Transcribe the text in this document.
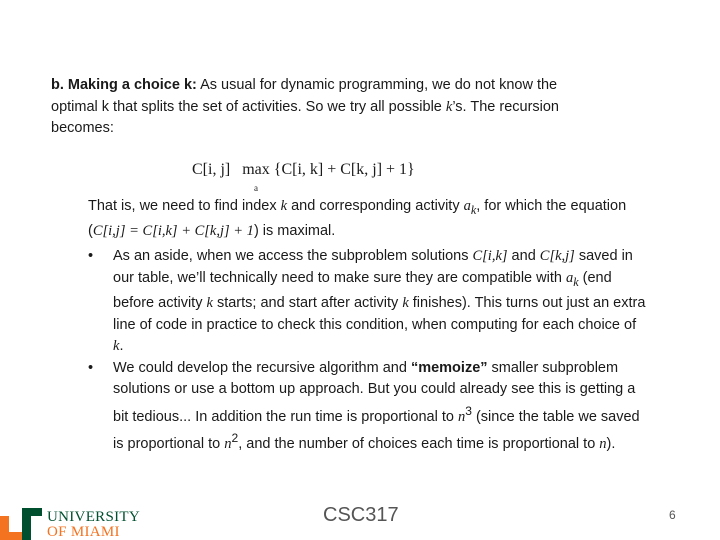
b. Making a choice k: As usual for dynamic programming, we do not know the optimal k that splits the set of activities. So we try all possible k’s. The recursion becomes:
C[i, j] max {C[i, k] + C[k, j] + 1}
a
That is, we need to find index k and corresponding activity $a_k$, for which the equation (C[i,j] = C[i,k] + C[k,j] + 1) is maximal.
• As an aside, when we access the subproblem solutions C[i,k] and C[k,j] saved in our table, we’ll technically need to make sure they are compatible with $a_k$ (end before activity k starts; and start after activity k finishes). This turns out just an extra line of code in practice to check this condition, when computing for each choice of k.
• We could develop the recursive algorithm and “memoize” smaller subproblem solutions or use a bottom up approach. But you could already see this is getting a bit tedious... In addition the run time is proportional to $n^3$ (since the table we saved is proportional to $n^2$, and the number of choices each time is proportional to n).
UNIVERSITY
OF MIAMI
CSC317	6
